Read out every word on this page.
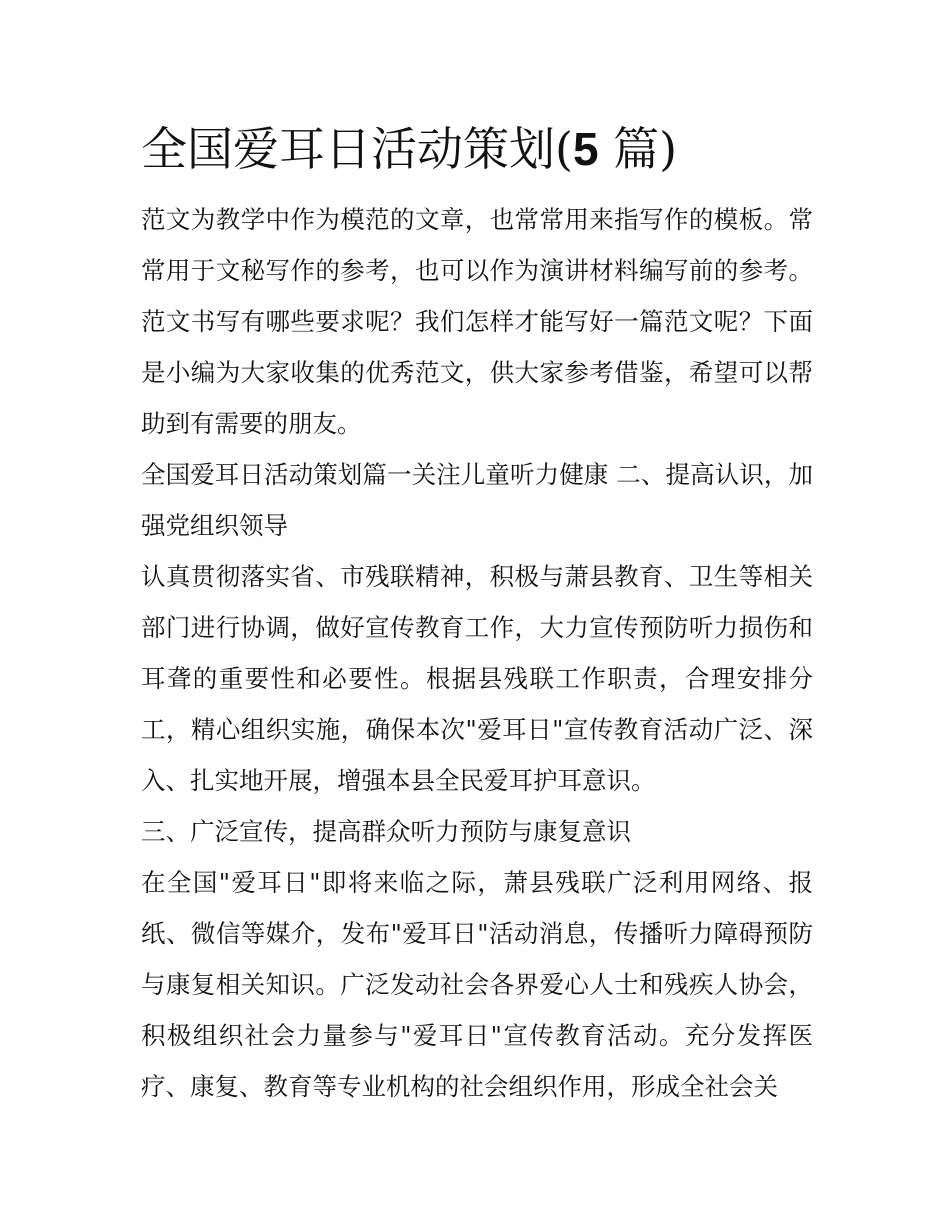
全国爱耳日活动策划(5 篇)

范文为教学中作为模范的文章，也常常用来指写作的模板。常常用于文秘写作的参考，也可以作为演讲材料编写前的参考。范文书写有哪些要求呢？我们怎样才能写好一篇范文呢？下面是小编为大家收集的优秀范文，供大家参考借鉴，希望可以帮助到有需要的朋友。

全国爱耳日活动策划篇一关注儿童听力健康 二、提高认识，加强党组织领导

认真贯彻落实省、市残联精神，积极与萧县教育、卫生等相关部门进行协调，做好宣传教育工作，大力宣传预防听力损伤和耳聋的重要性和必要性。根据县残联工作职责，合理安排分工，精心组织实施，确保本次"爱耳日"宣传教育活动广泛、深入、扎实地开展，增强本县全民爱耳护耳意识。

三、广泛宣传，提高群众听力预防与康复意识

在全国"爱耳日"即将来临之际，萧县残联广泛利用网络、报纸、微信等媒介，发布"爱耳日"活动消息，传播听力障碍预防与康复相关知识。广泛发动社会各界爱心人士和残疾人协会，积极组织社会力量参与"爱耳日"宣传教育活动。充分发挥医疗、康复、教育等专业机构的社会组织作用，形成全社会关
